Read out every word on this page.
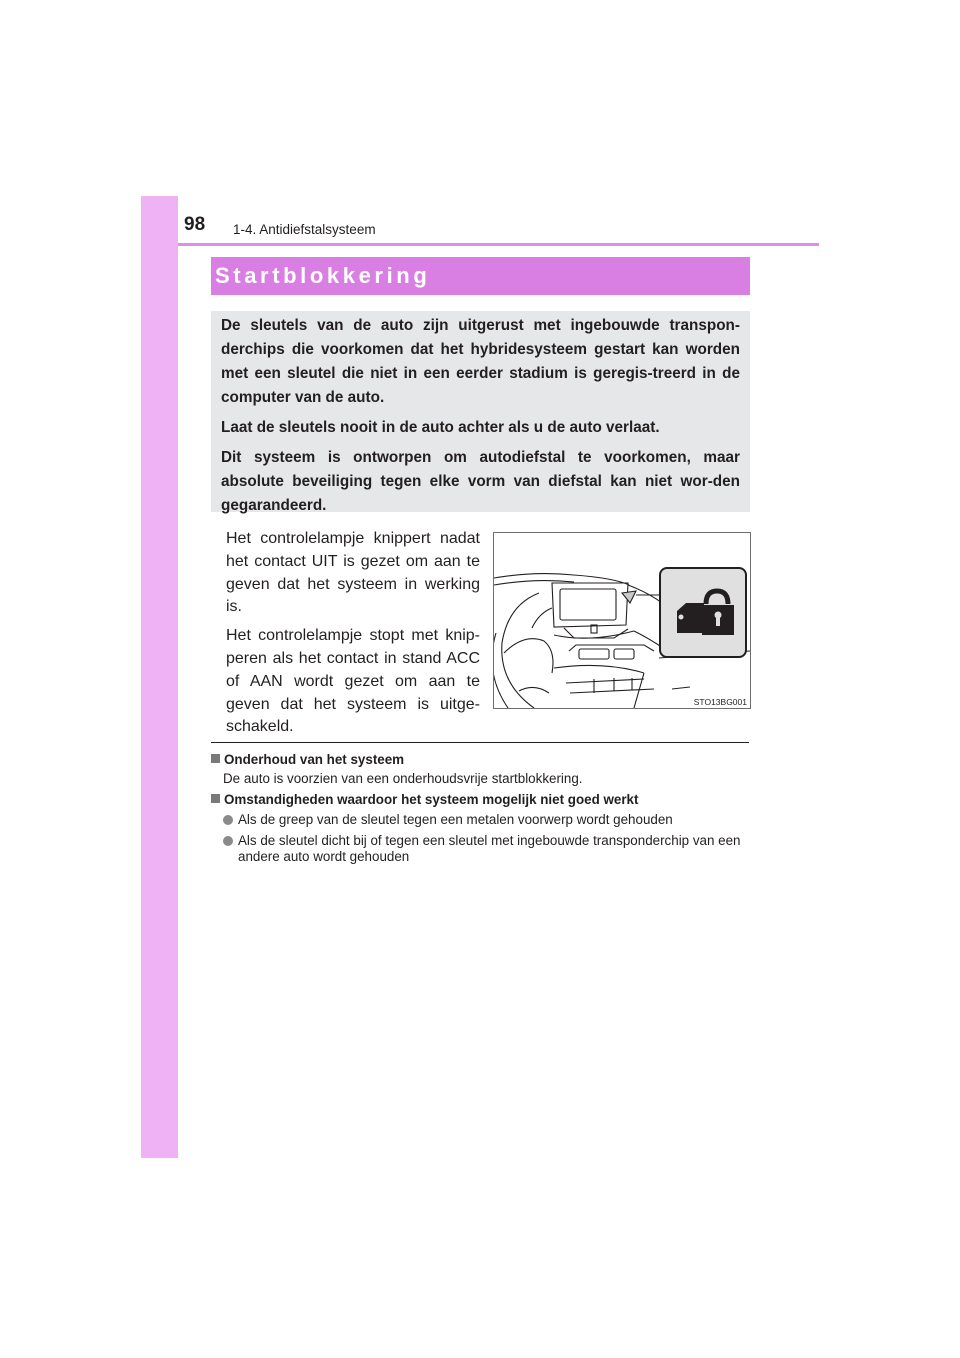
98 1-4. Antidiefstalsysteem
Startblokkering

De sleutels van de auto zijn uitgerust met ingebouwde transpon-derchips die voorkomen dat het hybridesysteem gestart kan worden met een sleutel die niet in een eerder stadium is geregis-treerd in de computer van de auto.

Laat de sleutels nooit in de auto achter als u de auto verlaat.

Dit systeem is ontworpen om autodiefstal te voorkomen, maar absolute beveiliging tegen elke vorm van diefstal kan niet wor-den gegarandeerd.

Het controlelampje knippert nadat het contact UIT is gezet om aan te geven dat het systeem in werking is.

Het controlelampje stopt met knip-peren als het contact in stand ACC of AAN wordt gezet om aan te geven dat het systeem is uitge-schakeld.

STO13BG001
Onderhoud van het systeem
De auto is voorzien van een onderhoudsvrije startblokkering.
Omstandigheden waardoor het systeem mogelijk niet goed werkt
Als de greep van de sleutel tegen een metalen voorwerp wordt gehouden
Als de sleutel dicht bij of tegen een sleutel met ingebouwde transponderchip van een andere auto wordt gehouden
